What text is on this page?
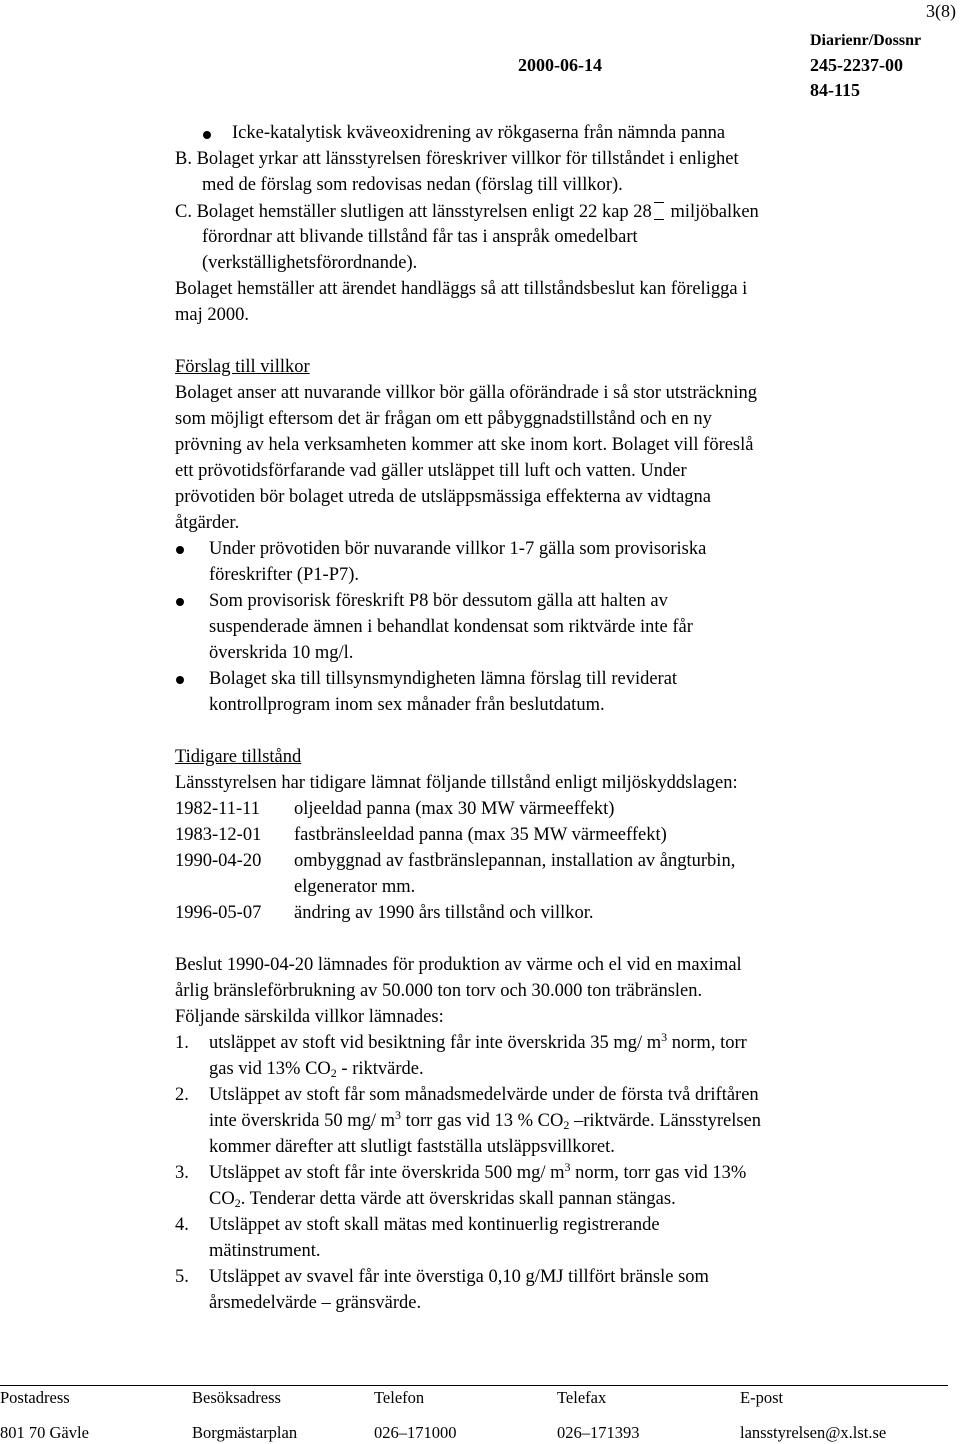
3(8)
2000-06-14
Diarienr/Dossnr
245-2237-00
84-115
Icke-katalytisk kväveoxidrening av rökgaserna från nämnda panna
B. Bolaget yrkar att länsstyrelsen föreskriver villkor för tillståndet i enlighet
med de förslag som redovisas nedan (förslag till villkor).
C. Bolaget hemställer slutligen att länsstyrelsen enligt 22 kap 28 miljöbalken
förordnar att blivande tillstånd får tas i anspråk omedelbart
(verkställighetsförordnande).
Bolaget hemställer att ärendet handläggs så att tillståndsbeslut kan föreligga i
maj 2000.
Förslag till villkor
Bolaget anser att nuvarande villkor bör gälla oförändrade i så stor utsträckning
som möjligt eftersom det är frågan om ett påbyggnadstillstånd och en ny
prövning av hela verksamheten kommer att ske inom kort. Bolaget vill föreslå
ett prövotidsförfarande vad gäller utsläppet till luft och vatten. Under
prövotiden bör bolaget utreda de utsläppsmässiga effekterna av vidtagna
åtgärder.
Under prövotiden bör nuvarande villkor 1-7 gälla som provisoriska
föreskrifter (P1-P7).
Som provisorisk föreskrift P8 bör dessutom gälla att halten av
suspenderade ämnen i behandlat kondensat som riktvärde inte får
överskrida 10 mg/l.
Bolaget ska till tillsynsmyndigheten lämna förslag till reviderat
kontrollprogram inom sex månader från beslutdatum.
Tidigare tillstånd
Länsstyrelsen har tidigare lämnat följande tillstånd enligt miljöskyddslagen:
1982-11-11 oljeeldad panna (max 30 MW värmeeffekt)
1983-12-01 fastbränsleeldad panna (max 35 MW värmeeffekt)
1990-04-20 ombyggnad av fastbränslepannan, installation av ångturbin,
elgenerator mm.
1996-05-07 ändring av 1990 års tillstånd och villkor.
Beslut 1990-04-20 lämnades för produktion av värme och el vid en maximal
årlig bränsleförbrukning av 50.000 ton torv och 30.000 ton träbränslen.
Följande särskilda villkor lämnades:
1. utsläppet av stoft vid besiktning får inte överskrida 35 mg/ $m^3$ norm, torr
gas vid 13% $CO_2$ - riktvärde.
2. Utsläppet av stoft får som månadsmedelvärde under de första två driftåren
inte överskrida 50 mg/ $m^3$ torr gas vid 13 % $CO_2$ –riktvärde. Länsstyrelsen
kommer därefter att slutligt fastställa utsläppsvillkoret.
3. Utsläppet av stoft får inte överskrida 500 mg/ $m^3$ norm, torr gas vid 13%
$CO_2$. Tenderar detta värde att överskridas skall pannan stängas.
4. Utsläppet av stoft skall mätas med kontinuerlig registrerande
mätinstrument.
5. Utsläppet av svavel får inte överstiga 0,10 g/MJ tillfört bränsle som
årsmedelvärde – gränsvärde.
Postadress	Besöksadress	Telefon	Telefax	E-post
801 70 Gävle	Borgmästarplan	026–171000	026–171393	lansstyrelsen@x.lst.se
